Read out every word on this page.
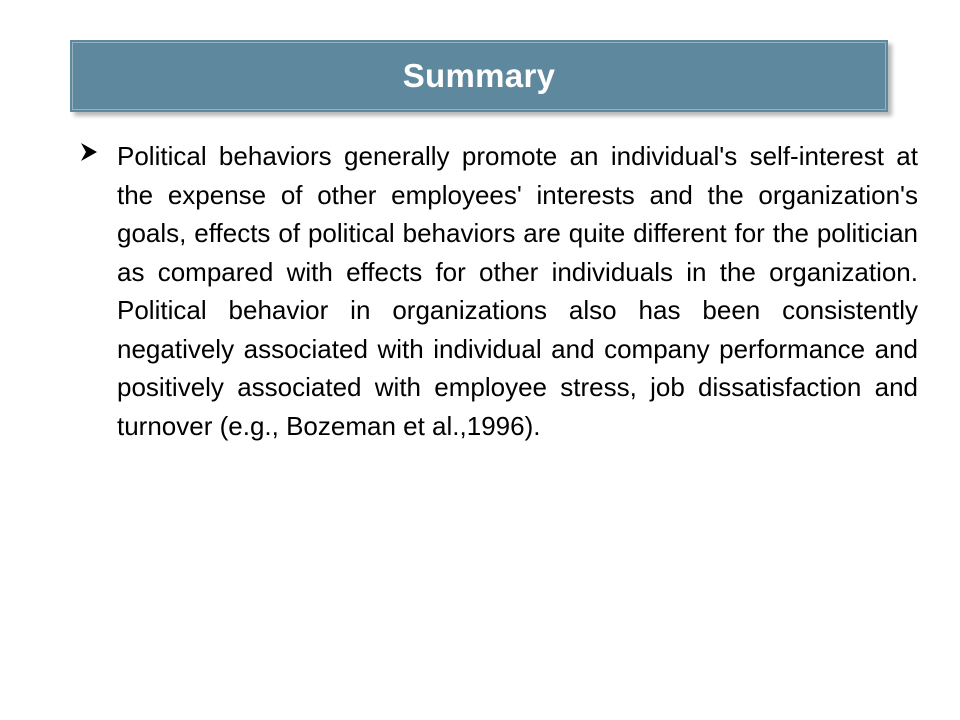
Summary

Political behaviors generally promote an individual's self-interest at the expense of other employees' interests and the organization's goals, effects of political behaviors are quite different for the politician as compared with effects for other individuals in the organization. Political behavior in organizations also has been consistently negatively associated with individual and company performance and positively associated with employee stress, job dissatisfaction and turnover (e.g., Bozeman et al.,1996).
